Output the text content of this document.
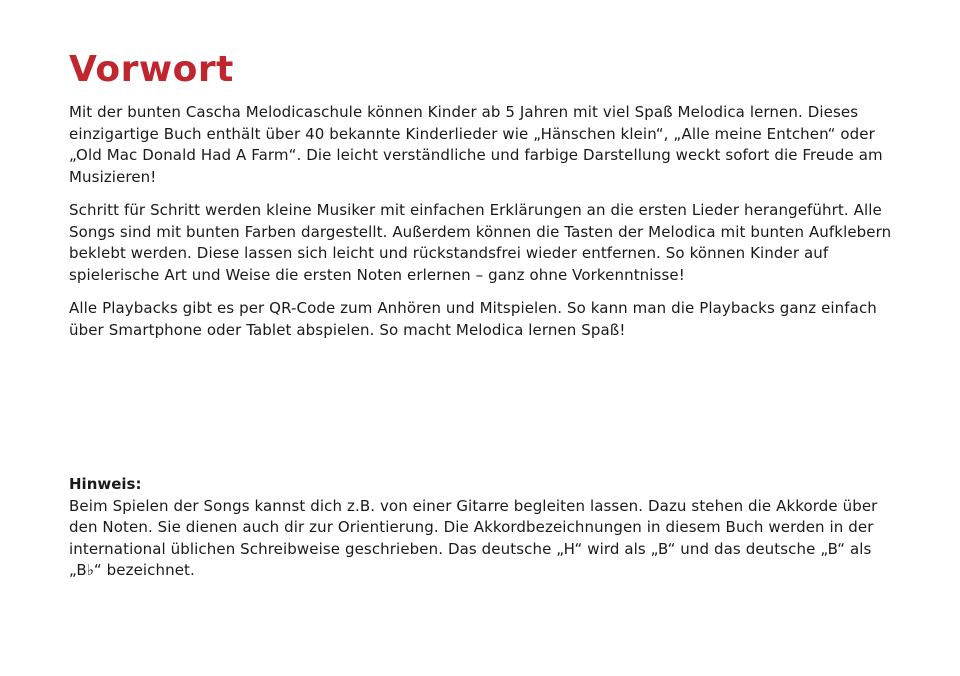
Vorwort

Mit der bunten Cascha Melodicaschule können Kinder ab 5 Jahren mit viel Spaß Melodica lernen. Dieses einzigartige Buch enthält über 40 bekannte Kinderlieder wie „Hänschen klein“, „Alle meine Entchen“ oder „Old Mac Donald Had A Farm“. Die leicht verständliche und farbige Darstellung weckt sofort die Freude am Musizieren!

Schritt für Schritt werden kleine Musiker mit einfachen Erklärungen an die ersten Lieder herangeführt. Alle Songs sind mit bunten Farben dargestellt. Außerdem können die Tasten der Melodica mit bunten Aufklebern beklebt werden. Diese lassen sich leicht und rückstandsfrei wieder entfernen. So können Kinder auf spielerische Art und Weise die ersten Noten erlernen – ganz ohne Vorkenntnisse!

Alle Playbacks gibt es per QR-Code zum Anhören und Mitspielen. So kann man die Playbacks ganz einfach über Smartphone oder Tablet abspielen. So macht Melodica lernen Spaß!

Hinweis:

Beim Spielen der Songs kannst dich z.B. von einer Gitarre begleiten lassen. Dazu stehen die Akkorde über den Noten. Sie dienen auch dir zur Orientierung. Die Akkordbezeichnungen in diesem Buch werden in der international üblichen Schreibweise geschrieben. Das deutsche „H“ wird als „B“ und das deutsche „B“ als „B♭“ bezeichnet.
